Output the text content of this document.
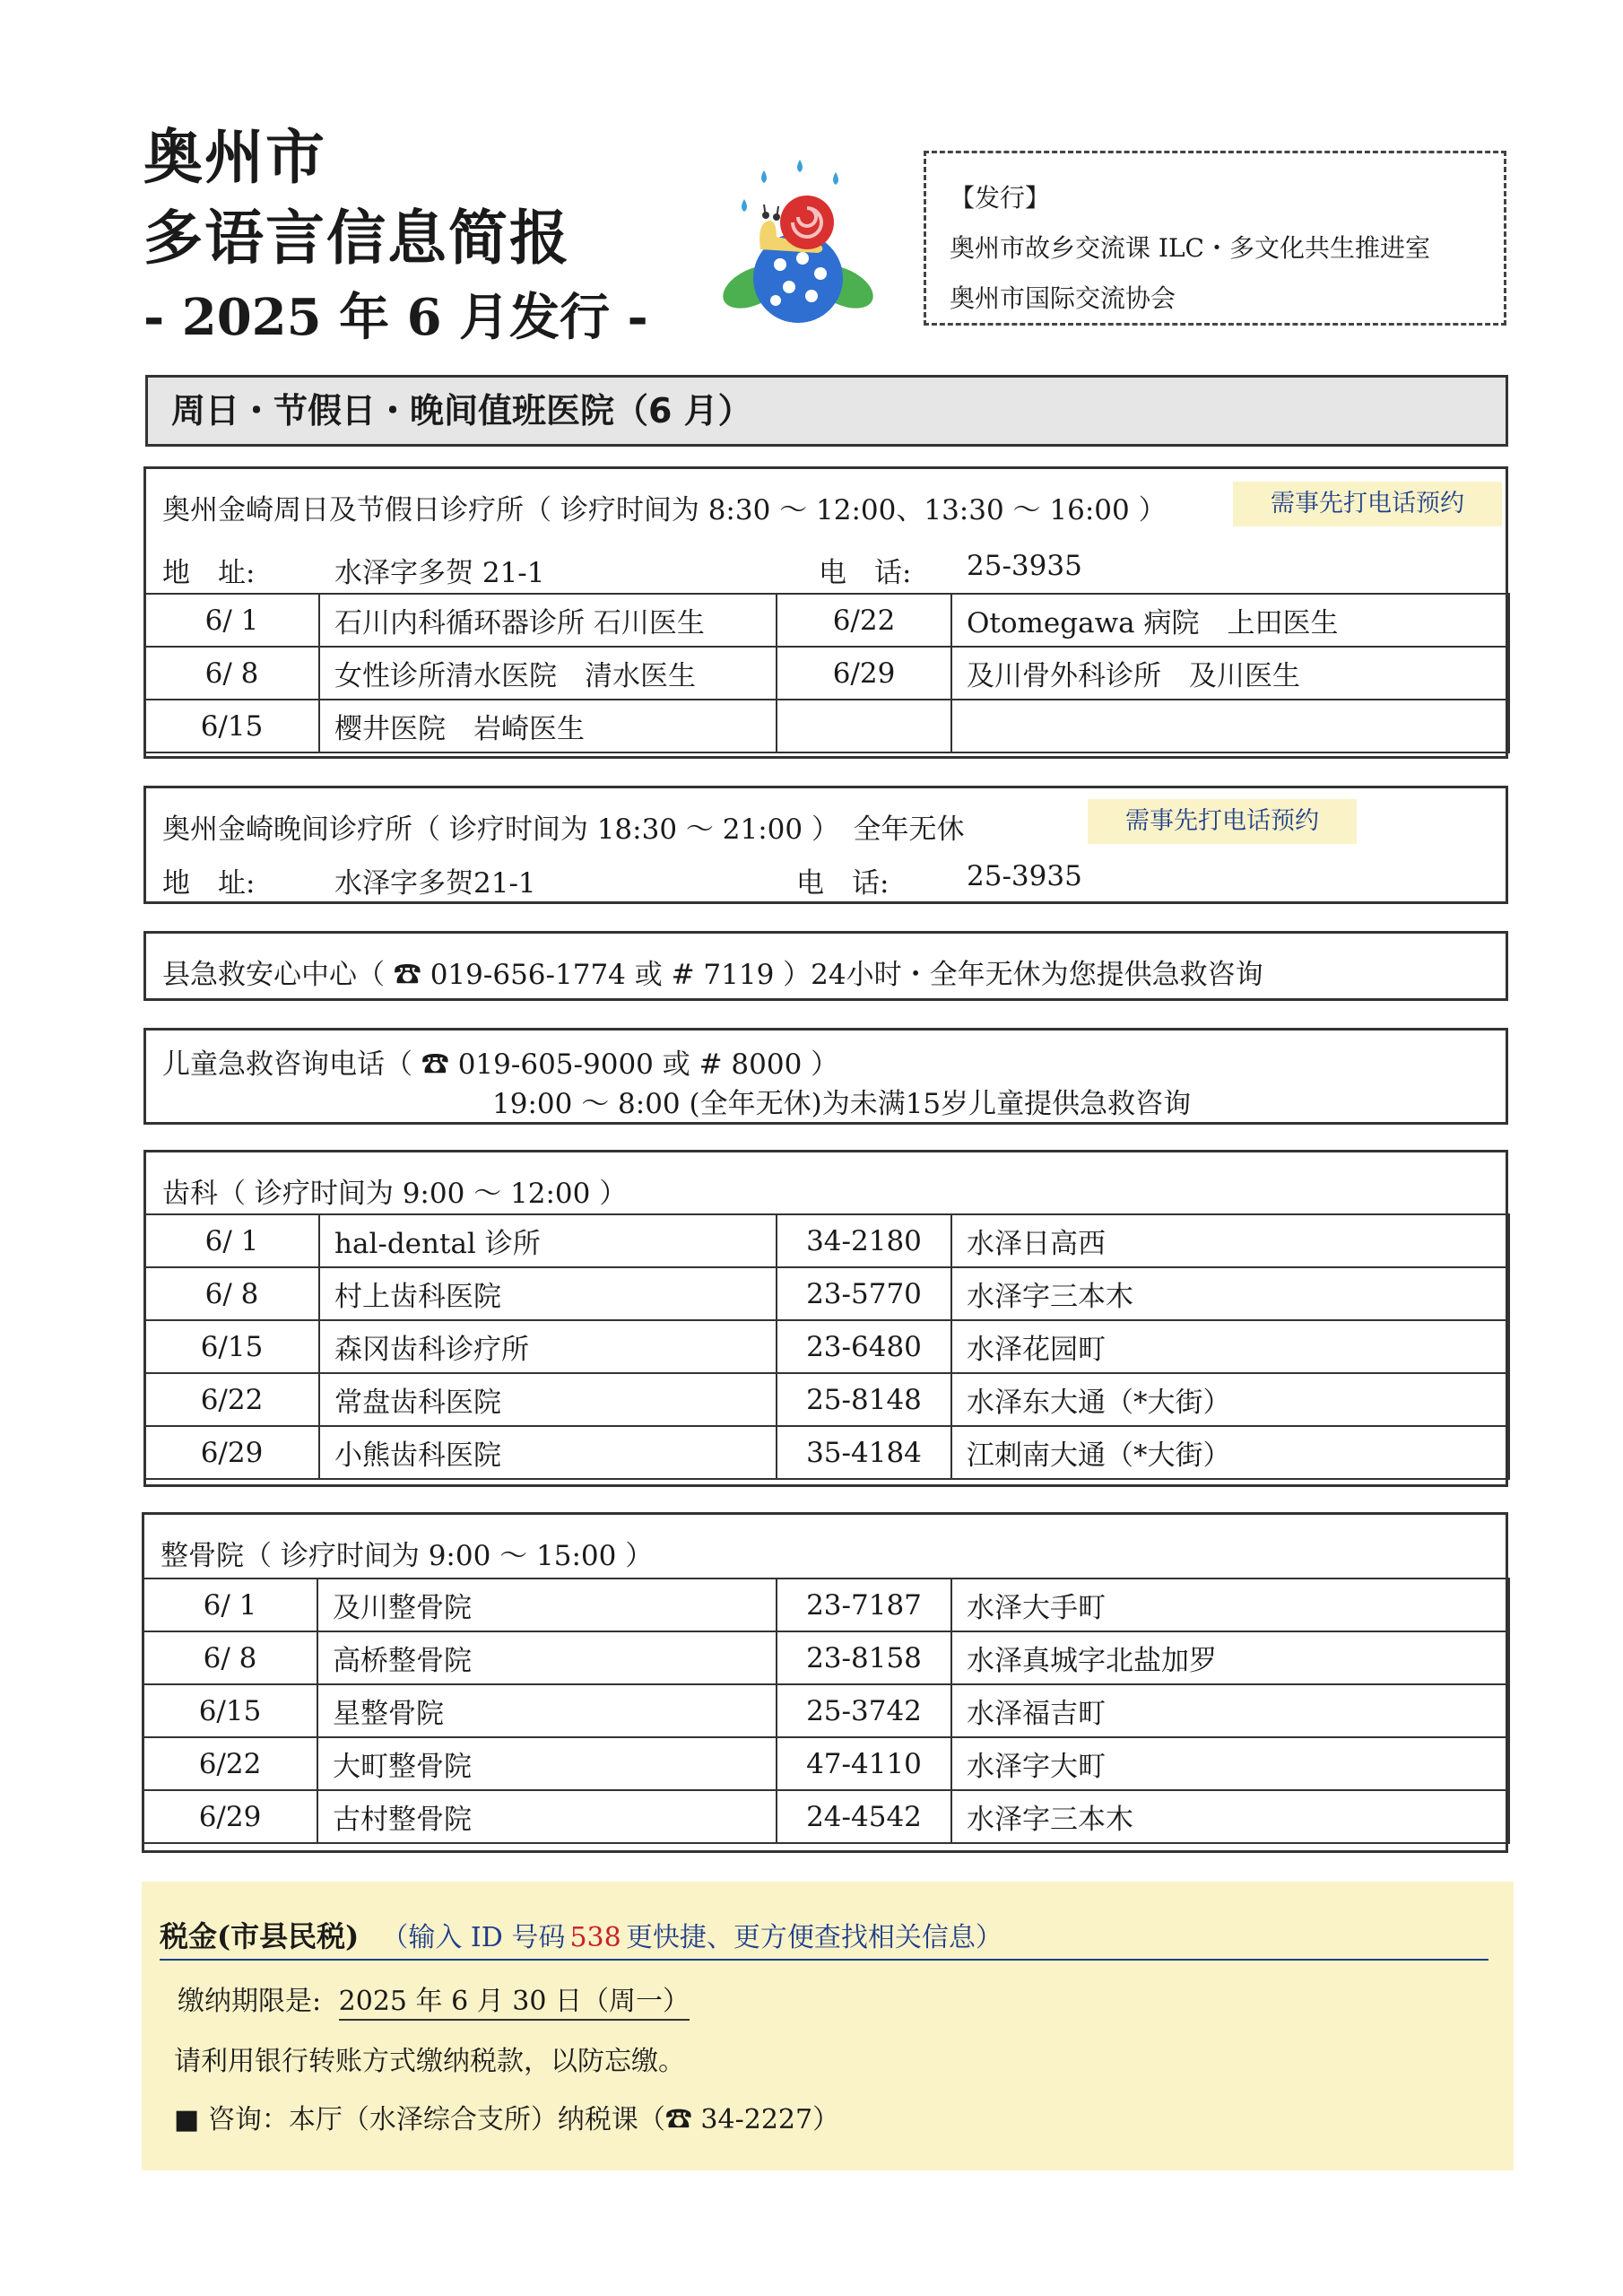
奥州市
多语言信息简报
- 2025 年 6 月发行 -
【发行】
奥州市故乡交流课 ILC・多文化共生推进室
奥州市国际交流协会
周日・节假日・晚间值班医院（6 月）
奥州金崎周日及节假日诊疗所（ 诊疗时间为 8:30 ～ 12:00、13:30 ～ 16:00 ）	需事先打电话预约
地　址:	水泽字多贺 21-1	电　话: 25-3935
6/ 1	石川内科循环器诊所 石川医生	6/22	Otomegawa 病院　上田医生
6/ 8	女性诊所清水医院　清水医生	6/29	及川骨外科诊所　及川医生
6/15	樱井医院　岩崎医生		
奥州金崎晚间诊疗所（ 诊疗时间为 18:30 ～ 21:00 ）　全年无休	需事先打电话预约
地　址:	水泽字多贺21-1	电　话:	25-3935
县急救安心中心（ ☎ 019-656-1774 或 # 7119 ）24小时・全年无休为您提供急救咨询
儿童急救咨询电话（ ☎ 019-605-9000 或 # 8000 ）
19:00 ～ 8:00 (全年无休)为未满15岁儿童提供急救咨询
齿科（ 诊疗时间为 9:00 ～ 12:00 ）
6/ 1	hal-dental 诊所	34-2180	水泽日高西
6/ 8	村上齿科医院	23-5770	水泽字三本木
6/15	森冈齿科诊疗所	23-6480	水泽花园町
6/22	常盘齿科医院	25-8148	水泽东大通（*大街）
6/29	小熊齿科医院	35-4184	江刺南大通（*大街）
整骨院（ 诊疗时间为 9:00 ～ 15:00 ）
6/ 1	及川整骨院	23-7187	水泽大手町
6/ 8	高桥整骨院	23-8158	水泽真城字北盐加罗
6/15	星整骨院	25-3742	水泽福吉町
6/22	大町整骨院	47-4110	水泽字大町
6/29	古村整骨院	24-4542	水泽字三本木
税金(市县民税) （输入 ID 号码 538 更快捷、更方便查找相关信息）
缴纳期限是: 2025 年 6 月 30 日（周一）
请利用银行转账方式缴纳税款，以防忘缴。
■ 咨询：本厅（水泽综合支所）纳税课（☎ 34-2227）
